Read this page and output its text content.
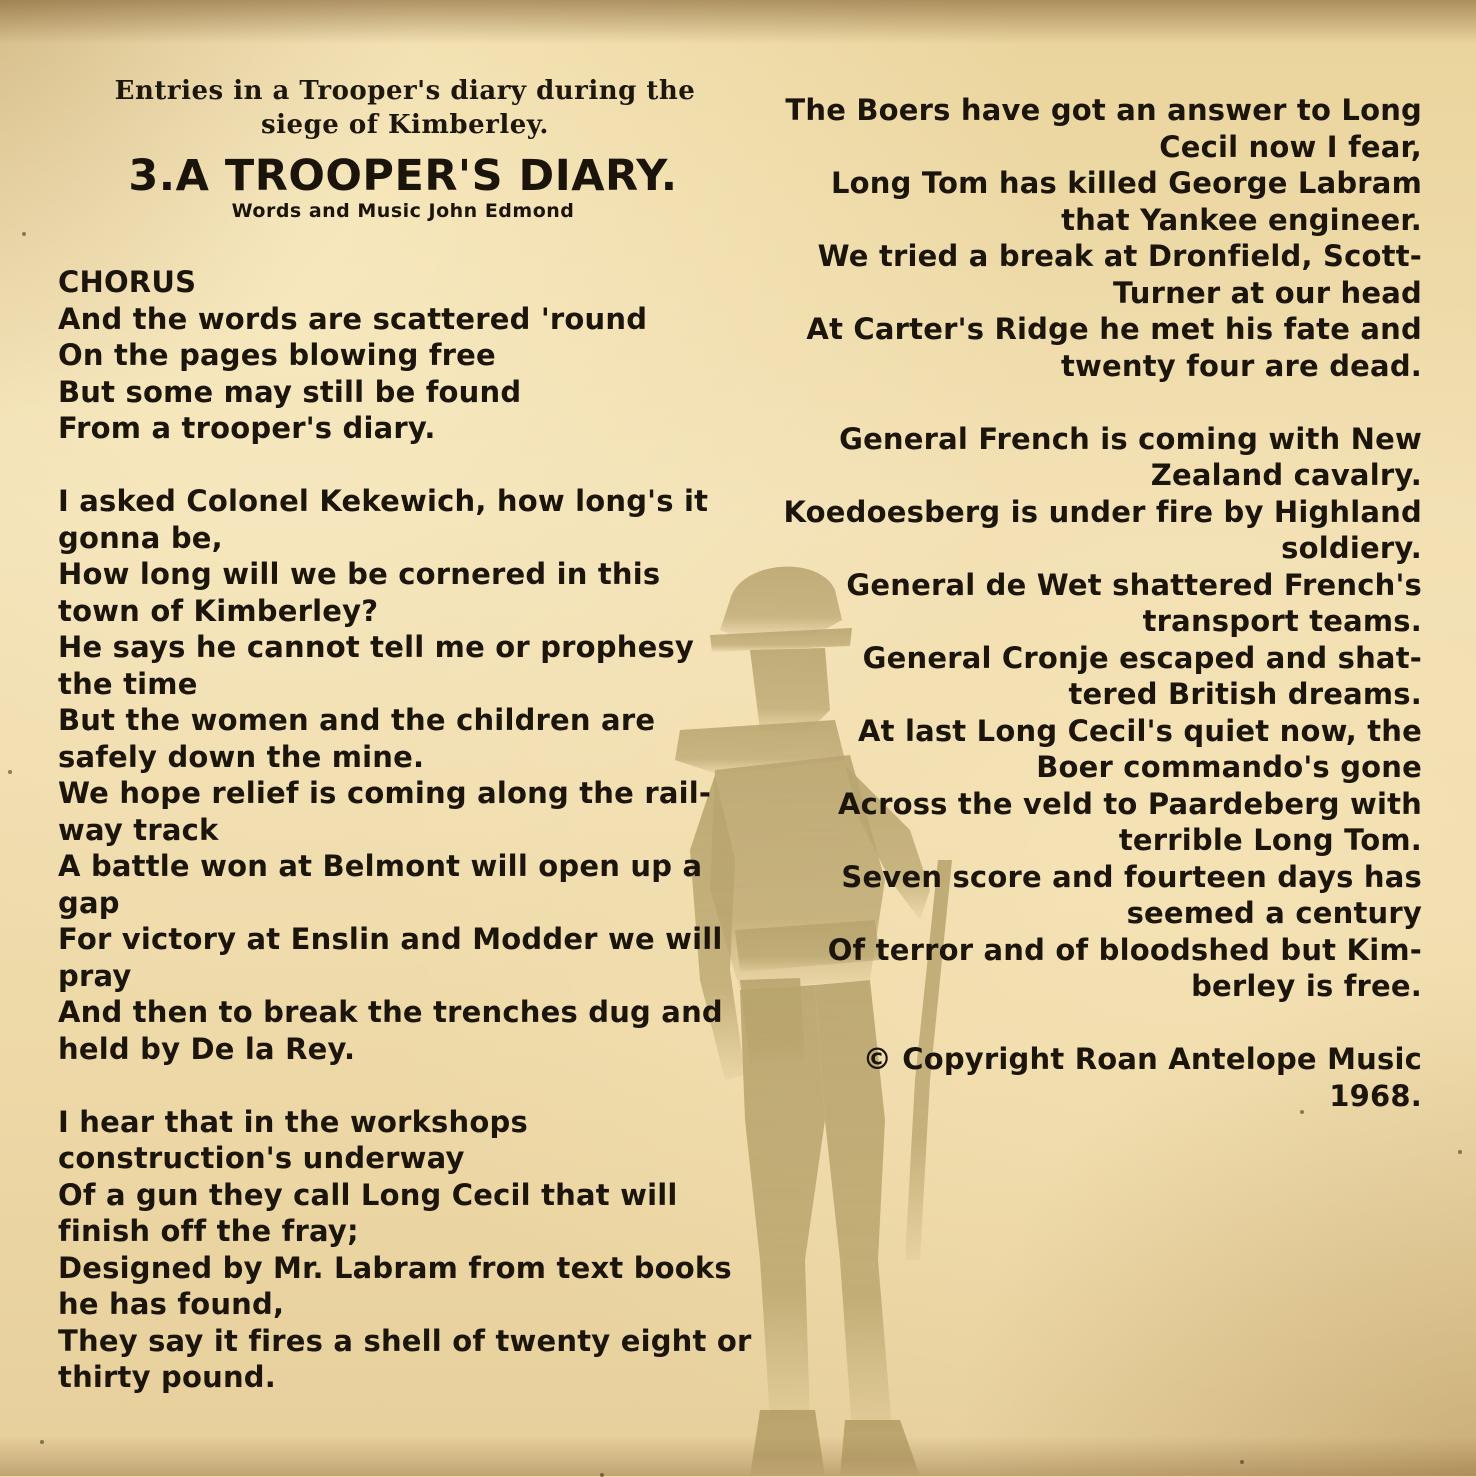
Entries in a Trooper's diary during the
siege of Kimberley.
3.A TROOPER'S DIARY.
Words and Music John Edmond
CHORUS
And the words are scattered 'round
On the pages blowing free
But some may still be found
From a trooper's diary.
I asked Colonel Kekewich, how long's it
gonna be,
How long will we be cornered in this
town of Kimberley?
He says he cannot tell me or prophesy
the time
But the women and the children are
safely down the mine.
We hope relief is coming along the rail-
way track
A battle won at Belmont will open up a
gap
For victory at Enslin and Modder we will
pray
And then to break the trenches dug and
held by De la Rey.
I hear that in the workshops
construction's underway
Of a gun they call Long Cecil that will
finish off the fray;
Designed by Mr. Labram from text books
he has found,
They say it fires a shell of twenty eight or
thirty pound.
The Boers have got an answer to Long
Cecil now I fear,
Long Tom has killed George Labram
that Yankee engineer.
We tried a break at Dronfield, Scott-
Turner at our head
At Carter's Ridge he met his fate and
twenty four are dead.
General French is coming with New
Zealand cavalry.
Koedoesberg is under fire by Highland
soldiery.
General de Wet shattered French's
transport teams.
General Cronje escaped and shat-
tered British dreams.
At last Long Cecil's quiet now, the
Boer commando's gone
Across the veld to Paardeberg with
terrible Long Tom.
Seven score and fourteen days has
seemed a century
Of terror and of bloodshed but Kim-
berley is free.
© Copyright Roan Antelope Music
1968.
